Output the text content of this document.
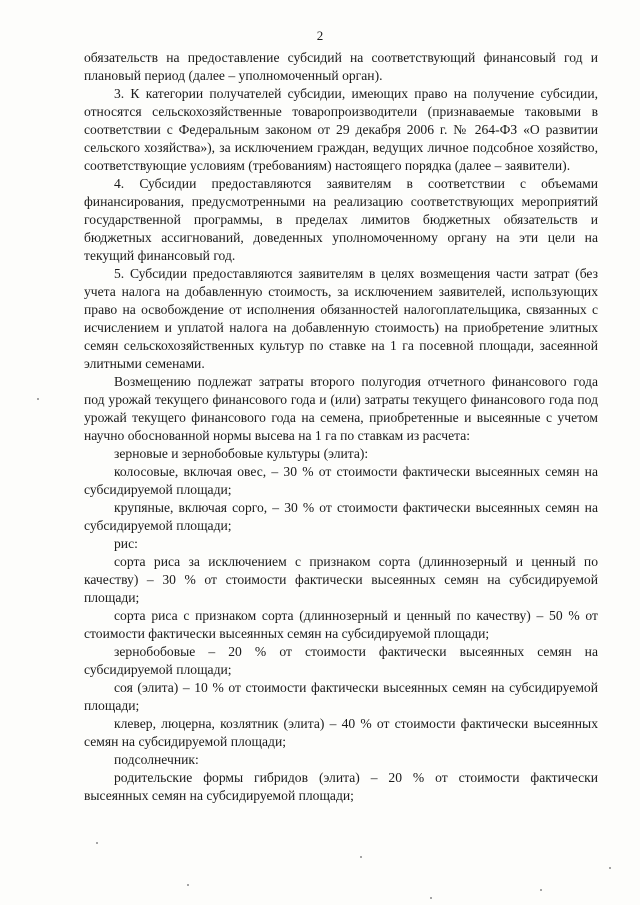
2

обязательств на предоставление субсидий на соответствующий финансовый год и плановый период (далее – уполномоченный орган).

3. К категории получателей субсидии, имеющих право на получение субсидии, относятся сельскохозяйственные товаропроизводители (признаваемые таковыми в соответствии с Федеральным законом от 29 декабря 2006 г. № 264-ФЗ «О развитии сельского хозяйства»), за исключением граждан, ведущих личное подсобное хозяйство, соответствующие условиям (требованиям) настоящего порядка (далее – заявители).

4. Субсидии предоставляются заявителям в соответствии с объемами финансирования, предусмотренными на реализацию соответствующих мероприятий государственной программы, в пределах лимитов бюджетных обязательств и бюджетных ассигнований, доведенных уполномоченному органу на эти цели на текущий финансовый год.

5. Субсидии предоставляются заявителям в целях возмещения части затрат (без учета налога на добавленную стоимость, за исключением заявителей, использующих право на освобождение от исполнения обязанностей налогоплательщика, связанных с исчислением и уплатой налога на добавленную стоимость) на приобретение элитных семян сельскохозяйственных культур по ставке на 1 га посевной площади, засеянной элитными семенами.

Возмещению подлежат затраты второго полугодия отчетного финансового года под урожай текущего финансового года и (или) затраты текущего финансового года под урожай текущего финансового года на семена, приобретенные и высеянные с учетом научно обоснованной нормы высева на 1 га по ставкам из расчета:

зерновые и зернобобовые культуры (элита):

колосовые, включая овес, – 30 % от стоимости фактически высеянных семян на субсидируемой площади;

крупяные, включая сорго, – 30 % от стоимости фактически высеянных семян на субсидируемой площади;

рис:

сорта риса за исключением с признаком сорта (длиннозерный и ценный по качеству) – 30 % от стоимости фактически высеянных семян на субсидируемой площади;

сорта риса с признаком сорта (длиннозерный и ценный по качеству) – 50 % от стоимости фактически высеянных семян на субсидируемой площади;

зернобобовые – 20 % от стоимости фактически высеянных семян на субсидируемой площади;

соя (элита) – 10 % от стоимости фактически высеянных семян на субсидируемой площади;

клевер, люцерна, козлятник (элита) – 40 % от стоимости фактически высеянных семян на субсидируемой площади;

подсолнечник:

родительские формы гибридов (элита) – 20 % от стоимости фактически высеянных семян на субсидируемой площади;
